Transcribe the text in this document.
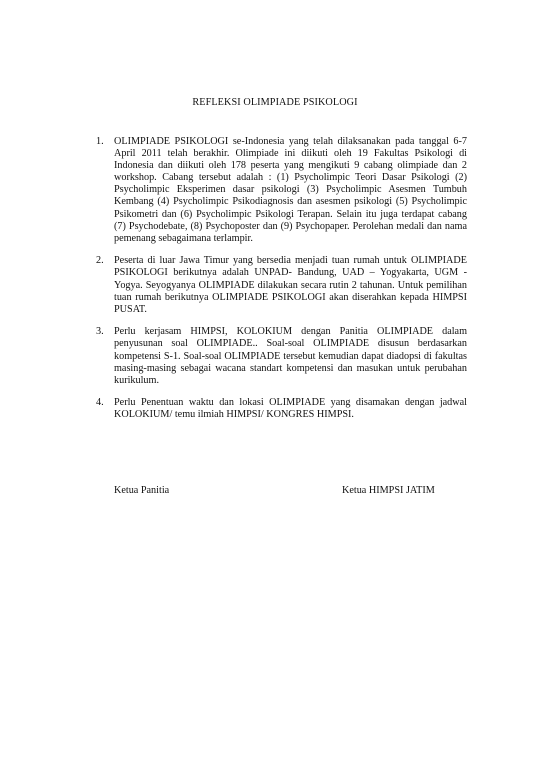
REFLEKSI OLIMPIADE PSIKOLOGI
1. OLIMPIADE PSIKOLOGI se-Indonesia yang telah dilaksanakan pada tanggal 6-7 April 2011 telah berakhir. Olimpiade ini diikuti oleh 19 Fakultas Psikologi di Indonesia dan diikuti oleh 178 peserta yang mengikuti 9 cabang olimpiade dan 2 workshop. Cabang tersebut adalah : (1) Psycholimpic Teori Dasar Psikologi (2) Psycholimpic Eksperimen dasar psikologi (3) Psycholimpic Asesmen Tumbuh Kembang (4) Psycholimpic Psikodiagnosis dan asesmen psikologi (5) Psycholimpic Psikometri dan (6) Psycholimpic Psikologi Terapan. Selain itu juga terdapat cabang (7) Psychodebate, (8) Psychoposter dan (9) Psychopaper. Perolehan medali dan nama pemenang sebagaimana terlampir.
2. Peserta di luar Jawa Timur yang bersedia menjadi tuan rumah untuk OLIMPIADE PSIKOLOGI berikutnya adalah UNPAD- Bandung, UAD – Yogyakarta, UGM -Yogya. Seyogyanya OLIMPIADE dilakukan secara rutin 2 tahunan. Untuk pemilihan tuan rumah berikutnya OLIMPIADE PSIKOLOGI akan diserahkan kepada HIMPSI PUSAT.
3. Perlu kerjasam HIMPSI, KOLOKIUM dengan Panitia OLIMPIADE dalam penyusunan soal OLIMPIADE.. Soal-soal OLIMPIADE disusun berdasarkan kompetensi S-1. Soal-soal OLIMPIADE tersebut kemudian dapat diadopsi di fakultas masing-masing sebagai wacana standart kompetensi dan masukan untuk perubahan kurikulum.
4. Perlu Penentuan waktu dan lokasi OLIMPIADE yang disamakan dengan jadwal KOLOKIUM/ temu ilmiah HIMPSI/ KONGRES HIMPSI.
Ketua Panitia	Ketua HIMPSI JATIM
